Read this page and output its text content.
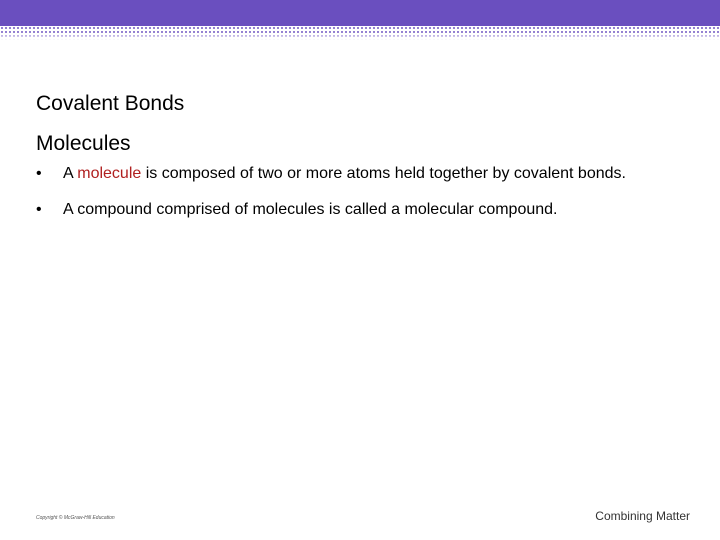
Covalent Bonds
Molecules
• A molecule is composed of two or more atoms held together by covalent bonds.
• A compound comprised of molecules is called a molecular compound.
Copyright © McGraw-Hill Education	Combining Matter
